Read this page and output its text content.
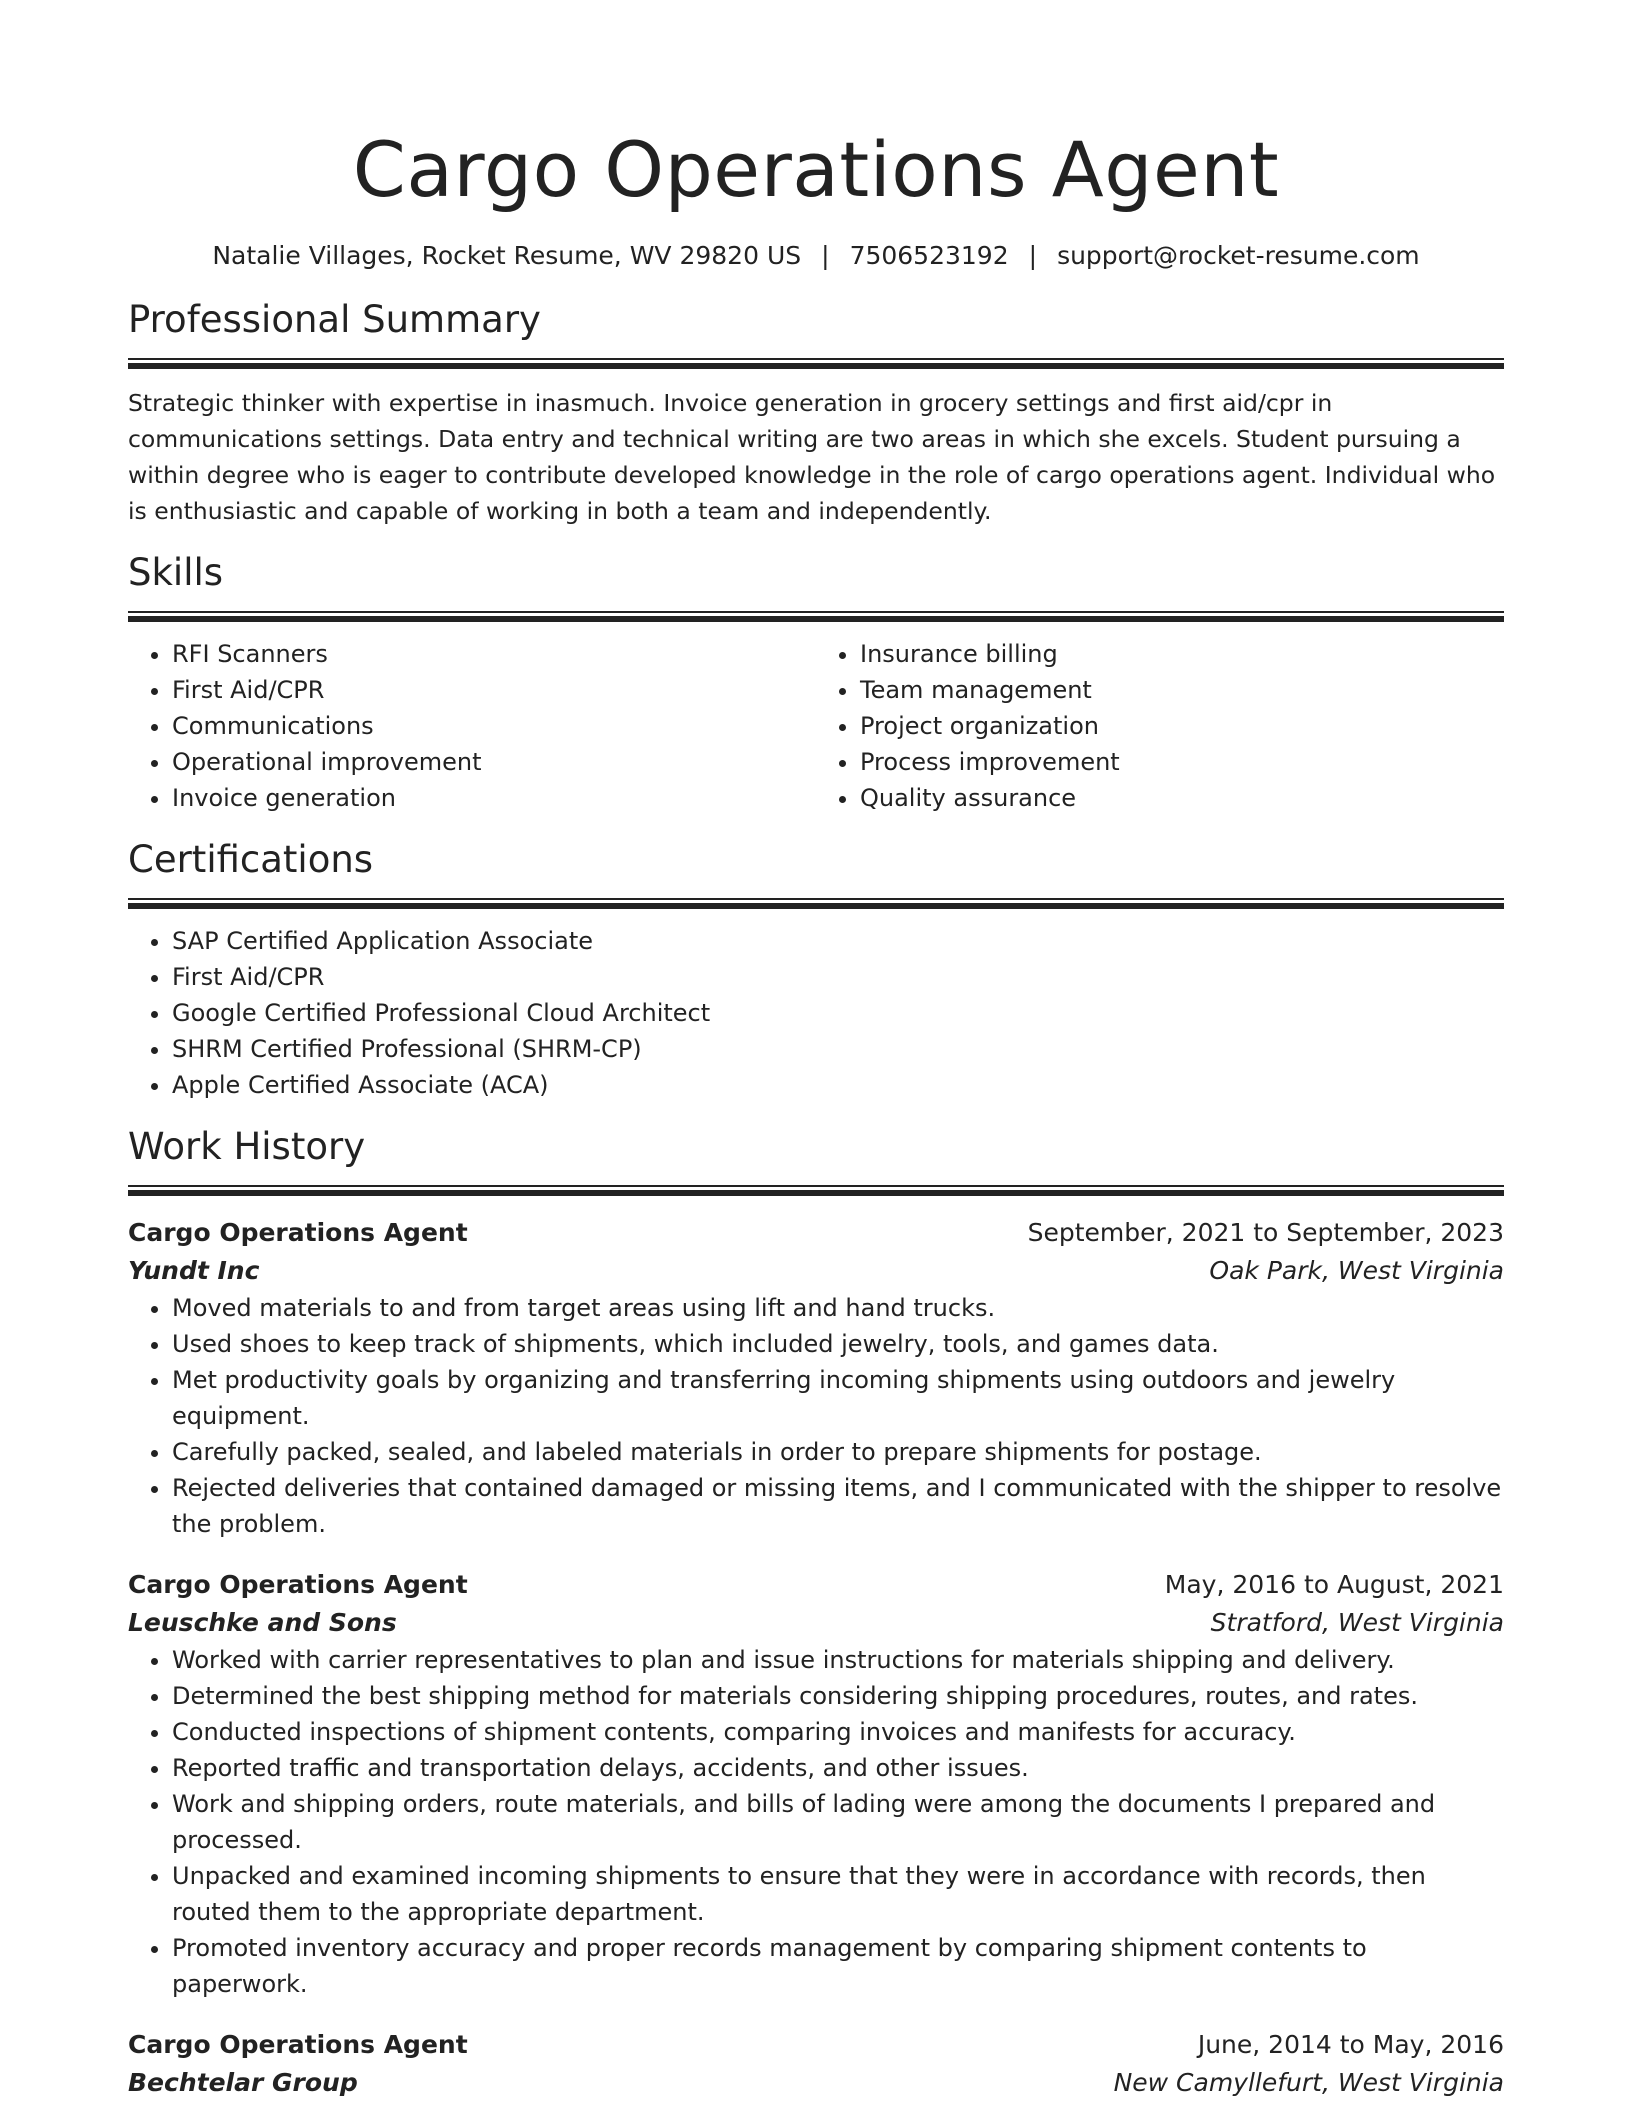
Cargo Operations Agent
Natalie Villages, Rocket Resume, WV 29820 US | 7506523192 | support@rocket-resume.com
Professional Summary

Strategic thinker with expertise in inasmuch. Invoice generation in grocery settings and first aid/cpr in communications settings. Data entry and technical writing are two areas in which she excels. Student pursuing a within degree who is eager to contribute developed knowledge in the role of cargo operations agent. Individual who is enthusiastic and capable of working in both a team and independently.

Skills
• RFI Scanners
• First Aid/CPR
• Communications
• Operational improvement
• Invoice generation
• Insurance billing
• Team management
• Project organization
• Process improvement
• Quality assurance
Certifications
• SAP Certified Application Associate
• First Aid/CPR
• Google Certified Professional Cloud Architect
• SHRM Certified Professional (SHRM-CP)
• Apple Certified Associate (ACA)
Work History
Cargo Operations Agent	September, 2021 to September, 2023
Yundt Inc	Oak Park, West Virginia
• Moved materials to and from target areas using lift and hand trucks.
• Used shoes to keep track of shipments, which included jewelry, tools, and games data.
• Met productivity goals by organizing and transferring incoming shipments using outdoors and jewelry equipment.
• Carefully packed, sealed, and labeled materials in order to prepare shipments for postage.
• Rejected deliveries that contained damaged or missing items, and I communicated with the shipper to resolve the problem.
Cargo Operations Agent	May, 2016 to August, 2021
Leuschke and Sons	Stratford, West Virginia
• Worked with carrier representatives to plan and issue instructions for materials shipping and delivery.
• Determined the best shipping method for materials considering shipping procedures, routes, and rates.
• Conducted inspections of shipment contents, comparing invoices and manifests for accuracy.
• Reported traffic and transportation delays, accidents, and other issues.
• Work and shipping orders, route materials, and bills of lading were among the documents I prepared and processed.
• Unpacked and examined incoming shipments to ensure that they were in accordance with records, then routed them to the appropriate department.
• Promoted inventory accuracy and proper records management by comparing shipment contents to paperwork.
Cargo Operations Agent	June, 2014 to May, 2016
Bechtelar Group	New Camyllefurt, West Virginia
